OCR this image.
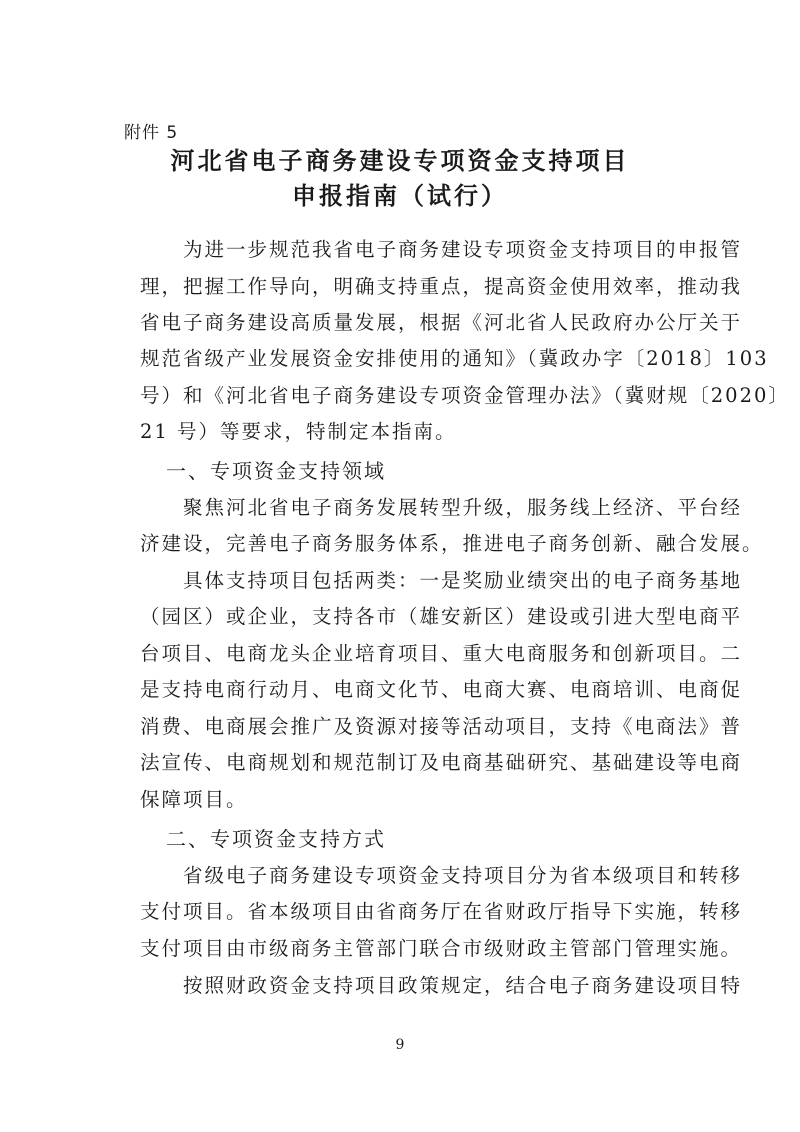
附件 5
河北省电子商务建设专项资金支持项目
申报指南（试行）
　　为进一步规范我省电子商务建设专项资金支持项目的申报管
理，把握工作导向，明确支持重点，提高资金使用效率，推动我
省电子商务建设高质量发展，根据《河北省人民政府办公厅关于
规范省级产业发展资金安排使用的通知》（冀政办字〔2018〕103
号）和《河北省电子商务建设专项资金管理办法》（冀财规〔2020〕
21 号）等要求，特制定本指南。
一、专项资金支持领域
　　聚焦河北省电子商务发展转型升级，服务线上经济、平台经
济建设，完善电子商务服务体系，推进电子商务创新、融合发展。
　　具体支持项目包括两类：一是奖励业绩突出的电子商务基地
（园区）或企业，支持各市（雄安新区）建设或引进大型电商平
台项目、电商龙头企业培育项目、重大电商服务和创新项目。二
是支持电商行动月、电商文化节、电商大赛、电商培训、电商促
消费、电商展会推广及资源对接等活动项目，支持《电商法》普
法宣传、电商规划和规范制订及电商基础研究、基础建设等电商
保障项目。
二、专项资金支持方式
　　省级电子商务建设专项资金支持项目分为省本级项目和转移
支付项目。省本级项目由省商务厅在省财政厅指导下实施，转移
支付项目由市级商务主管部门联合市级财政主管部门管理实施。
　　按照财政资金支持项目政策规定，结合电子商务建设项目特
9
